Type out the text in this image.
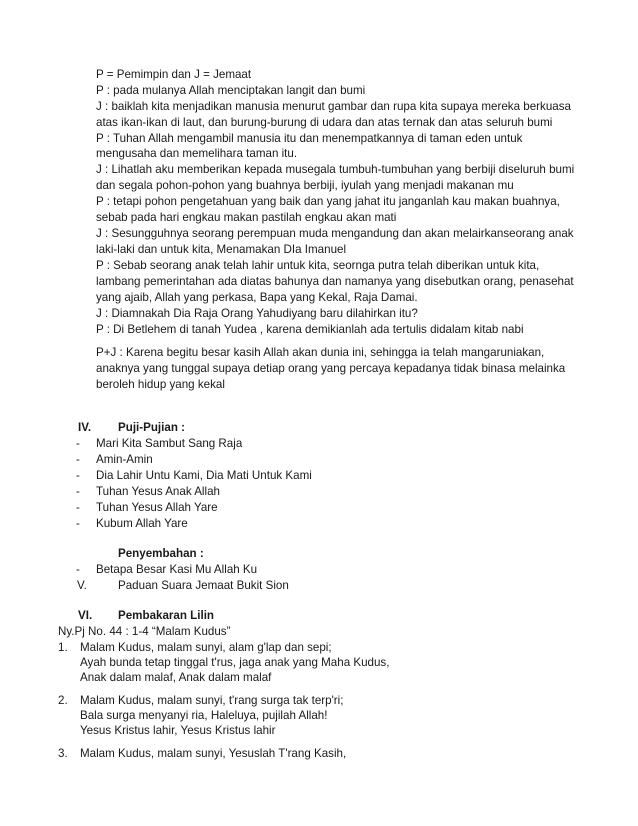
P = Pemimpin dan J = Jemaat
P : pada mulanya Allah menciptakan langit dan bumi
J : baiklah kita menjadikan manusia menurut gambar dan rupa kita supaya mereka berkuasa
atas ikan-ikan di laut, dan burung-burung di udara dan atas ternak dan atas seluruh bumi
P : Tuhan Allah mengambil manusia itu dan menempatkannya di taman eden untuk
mengusaha dan memelihara taman itu.
J : Lihatlah aku memberikan kepada musegala tumbuh-tumbuhan yang berbiji diseluruh bumi
dan segala pohon-pohon yang buahnya berbiji, iyulah yang menjadi makanan mu
P : tetapi pohon pengetahuan yang baik dan yang jahat itu janganlah kau makan buahnya,
sebab pada hari engkau makan pastilah engkau akan mati
J : Sesungguhnya seorang perempuan muda mengandung dan akan melairkanseorang anak
laki-laki dan untuk kita, Menamakan DIa Imanuel
P : Sebab seorang anak telah lahir untuk kita, seorngа putra telah diberikan untuk kita,
lambang pemerintahan ada diatas bahunya dan namanya yang disebutkan orang, penasehat
yang ajaib, Allah yang perkasa, Bapa yang Kekal, Raja Damai.
J : Diamnakah Dia Raja Orang Yahudiyang baru dilahirkan itu?
P : Di Betlehem di tanah Yudea , karena demikianlah ada tertulis didalam kitab nabi
P+J : Karena begitu besar kasih Allah akan dunia ini, sehingga ia telah mangaruniakan,
anaknya yang tunggal supaya detiap orang yang percaya kepadanya tidak binasa melainka
beroleh hidup yang kekal
IV. Puji-Pujian :
- Mari Kita Sambut Sang Raja
- Amin-Amin
- Dia Lahir Untu Kami, Dia Mati Untuk Kami
- Tuhan Yesus Anak Allah
- Tuhan Yesus Allah Yare
- Kubum Allah Yare
Penyembahan :
- Betapa Besar Kasi Mu Allah Ku
V.	Paduan Suara Jemaat Bukit Sion
VI. Pembakaran Lilin
Ny.Pj No. 44 : 1-4 “Malam Kudus”
1. Malam Kudus, malam sunyi, alam g'lap dan sepi;
Ayah bunda tetap tinggal t'rus, jaga anak yang Maha Kudus,
Anak dalam malaf, Anak dalam malaf
2. Malam Kudus, malam sunyi, t'rang surga tak terp'ri;
Bala surga menyanyi ria, Haleluya, pujilah Allah!
Yesus Kristus lahir, Yesus Kristus lahir
3. Malam Kudus, malam sunyi, Yesuslah T'rang Kasih,
